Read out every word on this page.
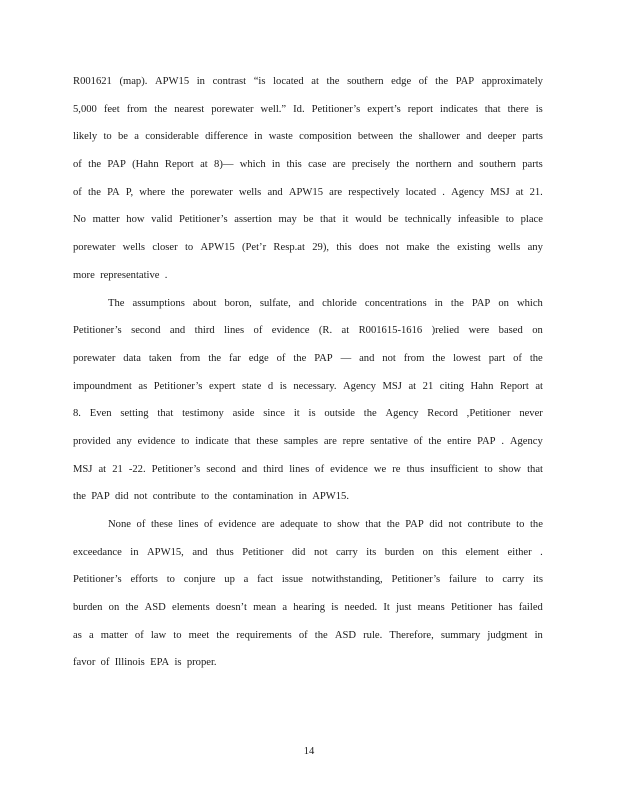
R001621 (map). APW15 in contrast “is located at the southern edge of the PAP approximately
5,000 feet from the nearest porewater well.” Id. Petitioner’s expert’s report indicates that there is
likely to be a considerable difference in waste composition between the shallower and deeper parts
of the PAP (Hahn Report at 8)— which in this case are precisely the northern and southern parts
of the PA P, where the porewater wells and APW15 are respectively located . Agency MSJ at 21.
No matter how valid Petitioner’s assertion may be that it would be technically infeasible to place
porewater wells closer to APW15 (Pet’r Resp.at 29), this does not make the existing wells any
more representative .
The assumptions about boron, sulfate, and chloride concentrations in the PAP on which
Petitioner’s second and third lines of evidence (R. at R001615-1616 )relied were based on
porewater data taken from the far edge of the PAP — and not from the lowest part of the
impoundment as Petitioner’s expert state d is necessary. Agency MSJ at 21 citing Hahn Report at
8. Even setting that testimony aside since it is outside the Agency Record ,Petitioner never
provided any evidence to indicate that these samples are repre sentative of the entire PAP . Agency
MSJ at 21 -22. Petitioner’s second and third lines of evidence we re thus insufficient to show that
the PAP did not contribute to the contamination in APW15.
None of these lines of evidence are adequate to show that the PAP did not contribute to the
exceedance in APW15, and thus Petitioner did not carry its burden on this element either .
Petitioner’s efforts to conjure up a fact issue notwithstanding, Petitioner’s failure to carry its
burden on the ASD elements doesn’t mean a hearing is needed. It just means Petitioner has failed
as a matter of law to meet the requirements of the ASD rule. Therefore, summary judgment in
favor of Illinois EPA is proper.
14
